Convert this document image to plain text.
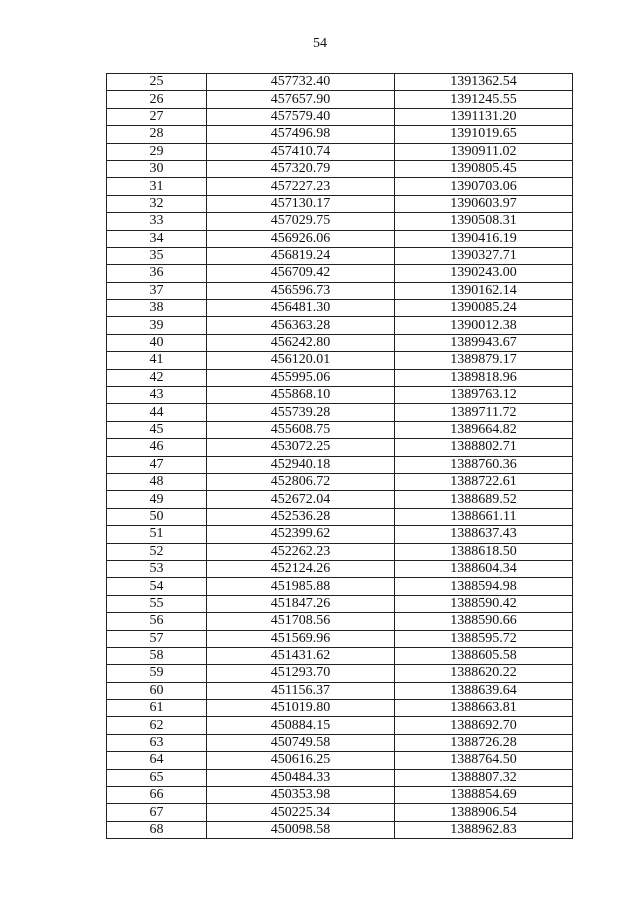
54
25	457732.40	1391362.54
26	457657.90	1391245.55
27	457579.40	1391131.20
28	457496.98	1391019.65
29	457410.74	1390911.02
30	457320.79	1390805.45
31	457227.23	1390703.06
32	457130.17	1390603.97
33	457029.75	1390508.31
34	456926.06	1390416.19
35	456819.24	1390327.71
36	456709.42	1390243.00
37	456596.73	1390162.14
38	456481.30	1390085.24
39	456363.28	1390012.38
40	456242.80	1389943.67
41	456120.01	1389879.17
42	455995.06	1389818.96
43	455868.10	1389763.12
44	455739.28	1389711.72
45	455608.75	1389664.82
46	453072.25	1388802.71
47	452940.18	1388760.36
48	452806.72	1388722.61
49	452672.04	1388689.52
50	452536.28	1388661.11
51	452399.62	1388637.43
52	452262.23	1388618.50
53	452124.26	1388604.34
54	451985.88	1388594.98
55	451847.26	1388590.42
56	451708.56	1388590.66
57	451569.96	1388595.72
58	451431.62	1388605.58
59	451293.70	1388620.22
60	451156.37	1388639.64
61	451019.80	1388663.81
62	450884.15	1388692.70
63	450749.58	1388726.28
64	450616.25	1388764.50
65	450484.33	1388807.32
66	450353.98	1388854.69
67	450225.34	1388906.54
68	450098.58	1388962.83
